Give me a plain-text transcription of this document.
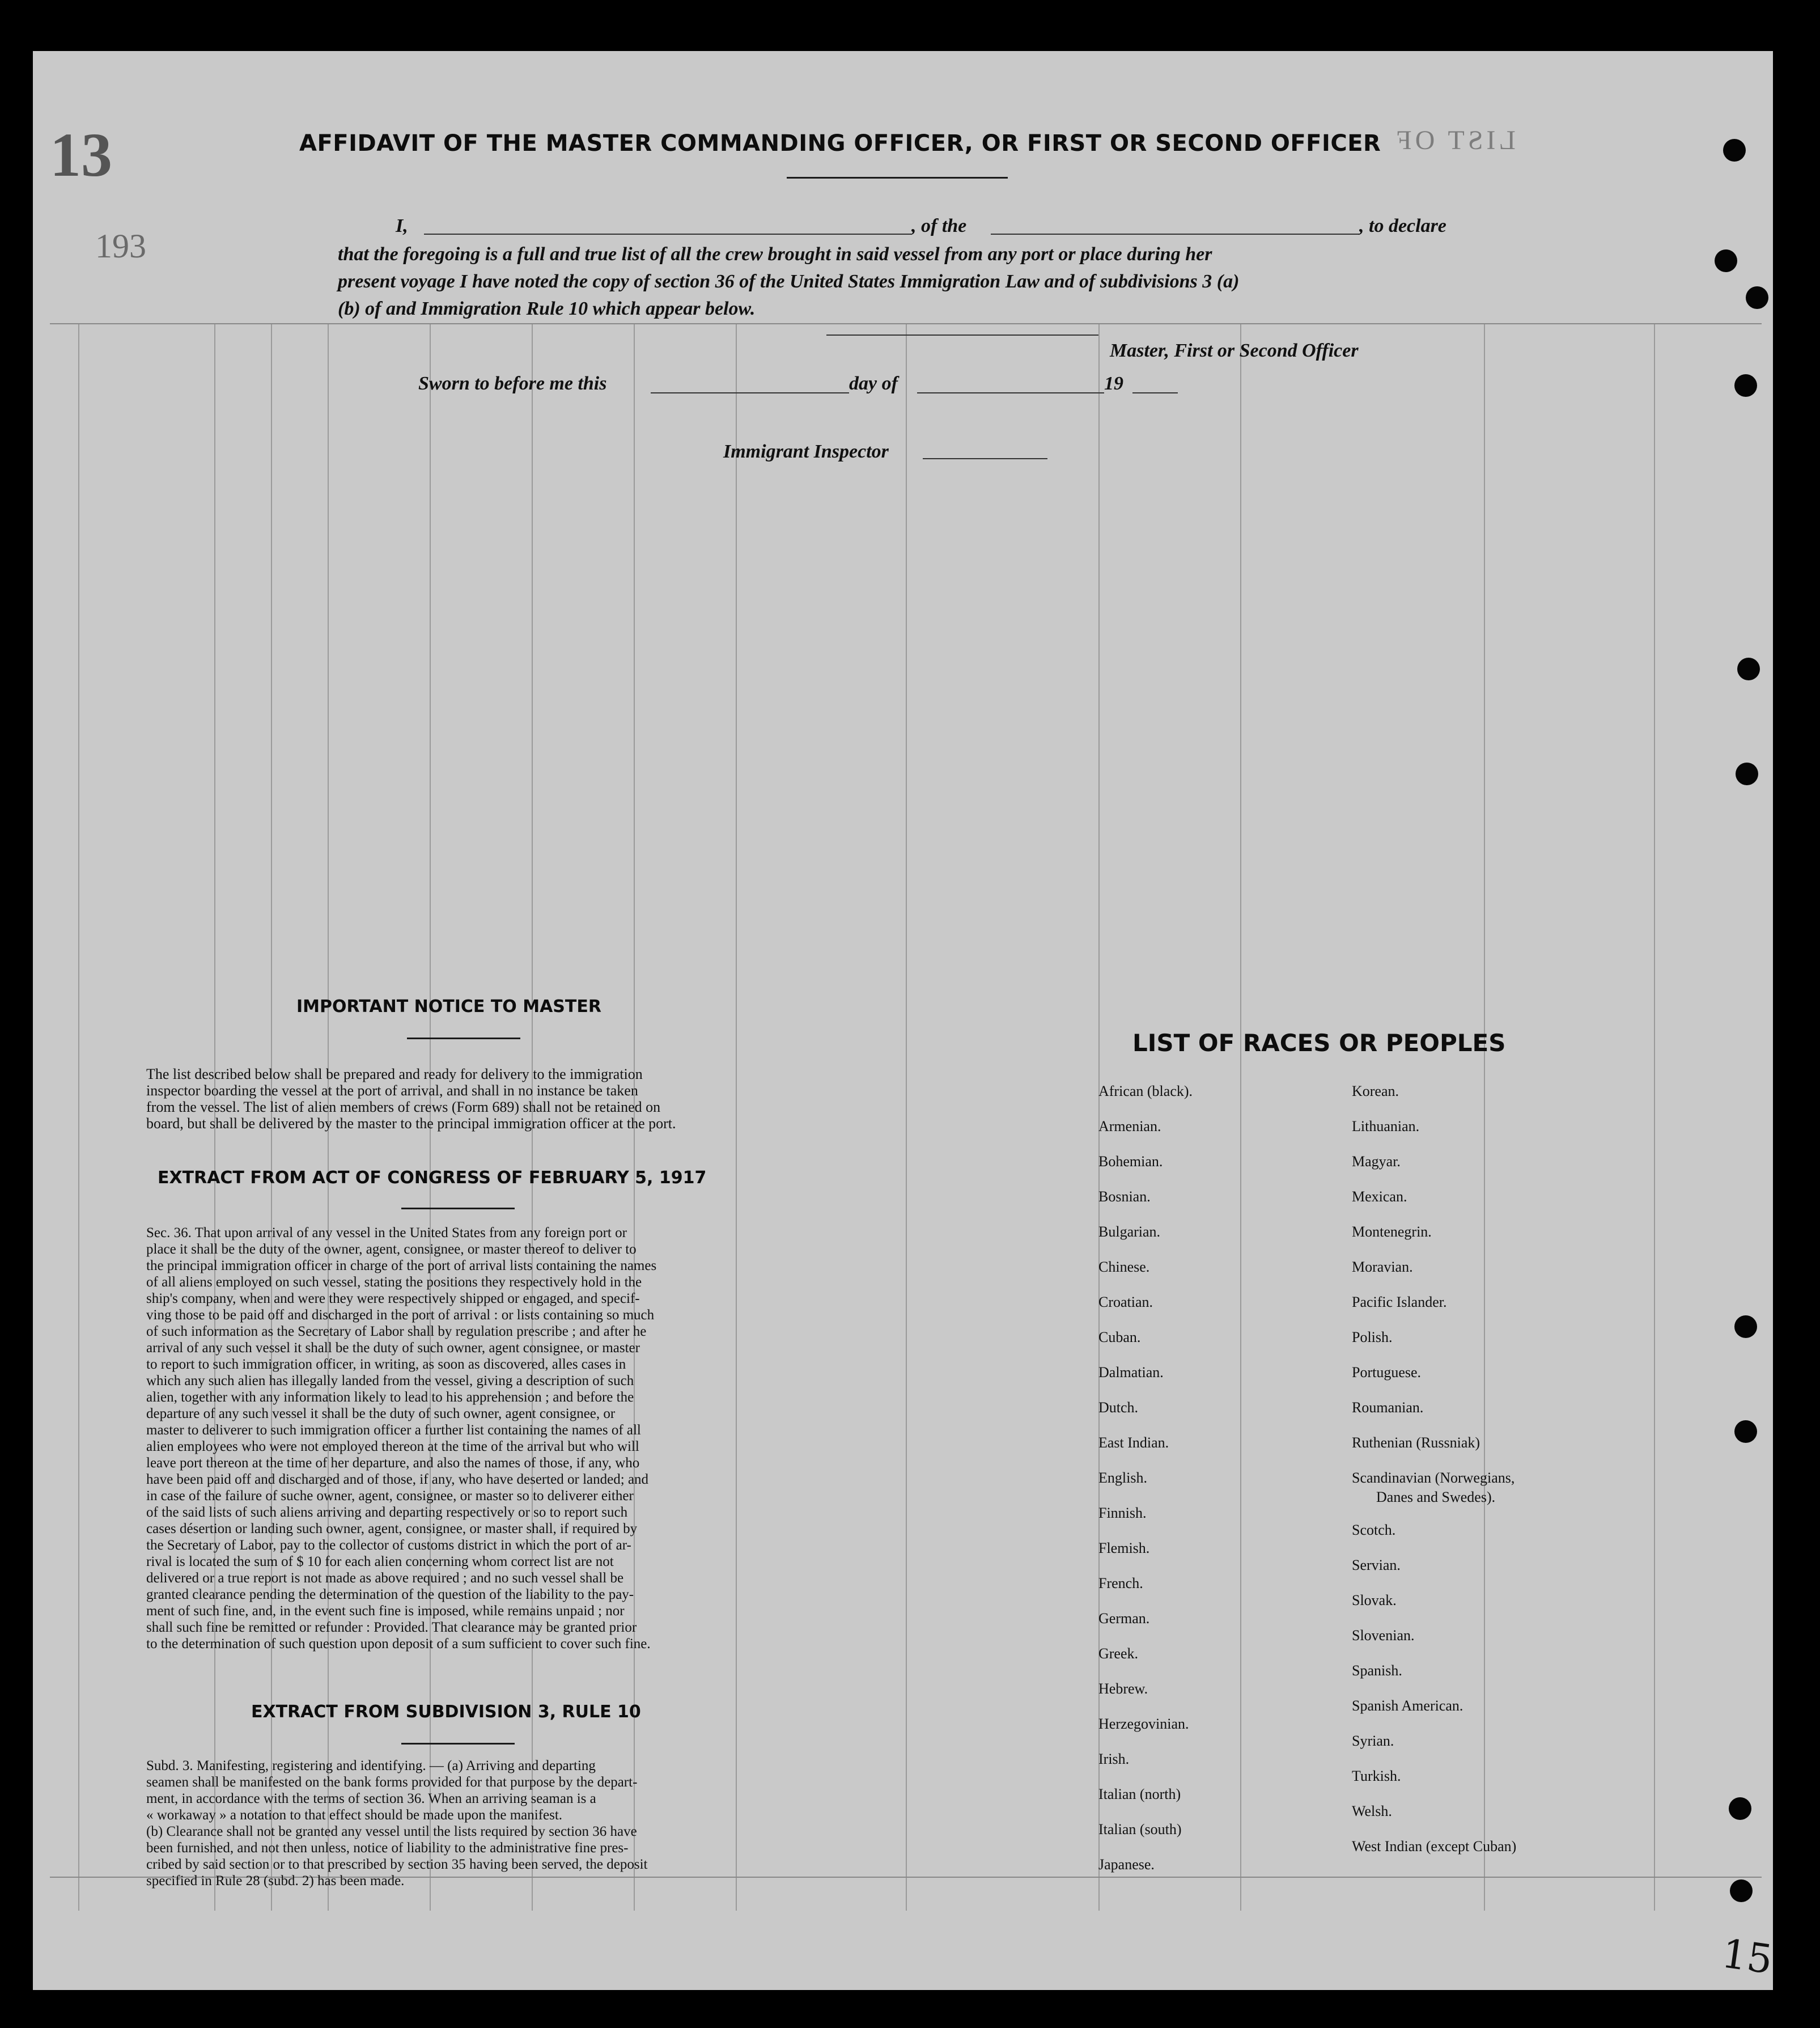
LIST OF
13
193
AFFIDAVIT OF THE MASTER COMMANDING OFFICER, OR FIRST OR SECOND OFFICER
I,	, of the	, to declare
that the foregoing is a full and true list of all the crew brought in said vessel from any port or place during her
present voyage I have noted the copy of section 36 of the United States Immigration Law and of subdivisions 3 (a)
(b) of and Immigration Rule 10 which appear below.
Master, First or Second Officer
Sworn to before me this	day of	19
Immigrant Inspector
IMPORTANT NOTICE TO MASTER
The list described below shall be prepared and ready for delivery to the immigration
inspector boarding the vessel at the port of arrival, and shall in no instance be taken
from the vessel. The list of alien members of crews (Form 689) shall not be retained on
board, but shall be delivered by the master to the principal immigration officer at the port.
EXTRACT FROM ACT OF CONGRESS OF FEBRUARY 5, 1917
Sec. 36. That upon arrival of any vessel in the United States from any foreign port or
place it shall be the duty of the owner, agent, consignee, or master thereof to deliver to
the principal immigration officer in charge of the port of arrival lists containing the names
of all aliens employed on such vessel, stating the positions they respectively hold in the
ship's company, when and were they were respectively shipped or engaged, and specif-
ving those to be paid off and discharged in the port of arrival : or lists containing so much
of such information as the Secretary of Labor shall by regulation prescribe ; and after he
arrival of any such vessel it shall be the duty of such owner, agent consignee, or master
to report to such immigration officer, in writing, as soon as discovered, alles cases in
which any such alien has illegally landed from the vessel, giving a description of such
alien, together with any information likely to lead to his apprehension ; and before the
departure of any such vessel it shall be the duty of such owner, agent consignee, or
master to deliverer to such immigration officer a further list containing the names of all
alien employees who were not employed thereon at the time of the arrival but who will
leave port thereon at the time of her departure, and also the names of those, if any, who
have been paid off and discharged and of those, if any, who have deserted or landed; and
in case of the failure of suche owner, agent, consignee, or master so to deliverer either
of the said lists of such aliens arriving and departing respectively or so to report such
cases désertion or landing such owner, agent, consignee, or master shall, if required by
the Secretary of Labor, pay to the collector of customs district in which the port of ar-
rival is located the sum of $ 10 for each alien concerning whom correct list are not
delivered or a true report is not made as above required ; and no such vessel shall be
granted clearance pending the determination of the question of the liability to the pay-
ment of such fine, and, in the event such fine is imposed, while remains unpaid ; nor
shall such fine be remitted or refunder : Provided. That clearance may be granted prior
to the determination of such question upon deposit of a sum sufficient to cover such fine.
EXTRACT FROM SUBDIVISION 3, RULE 10
Subd. 3. Manifesting, registering and identifying. — (a) Arriving and departing
seamen shall be manifested on the bank forms provided for that purpose by the depart-
ment, in accordance with the terms of section 36. When an arriving seaman is a
« workaway » a notation to that effect should be made upon the manifest.
(b) Clearance shall not be granted any vessel until the lists required by section 36 have
been furnished, and not then unless, notice of liability to the administrative fine pres-
cribed by said section or to that prescribed by section 35 having been served, the deposit
specified in Rule 28 (subd. 2) has been made.
LIST OF RACES OR PEOPLES
African (black).
Armenian.
Bohemian.
Bosnian.
Bulgarian.
Chinese.
Croatian.
Cuban.
Dalmatian.
Dutch.
East Indian.
English.
Finnish.
Flemish.
French.
German.
Greek.
Hebrew.
Herzegovinian.
Irish.
Italian (north)
Italian (south)
Japanese.
Korean.
Lithuanian.
Magyar.
Mexican.
Montenegrin.
Moravian.
Pacific Islander.
Polish.
Portuguese.
Roumanian.
Ruthenian (Russniak)
Scandinavian (Norwegians,
Danes and Swedes).
Scotch.
Servian.
Slovak.
Slovenian.
Spanish.
Spanish American.
Syrian.
Turkish.
Welsh.
West Indian (except Cuban)
15
